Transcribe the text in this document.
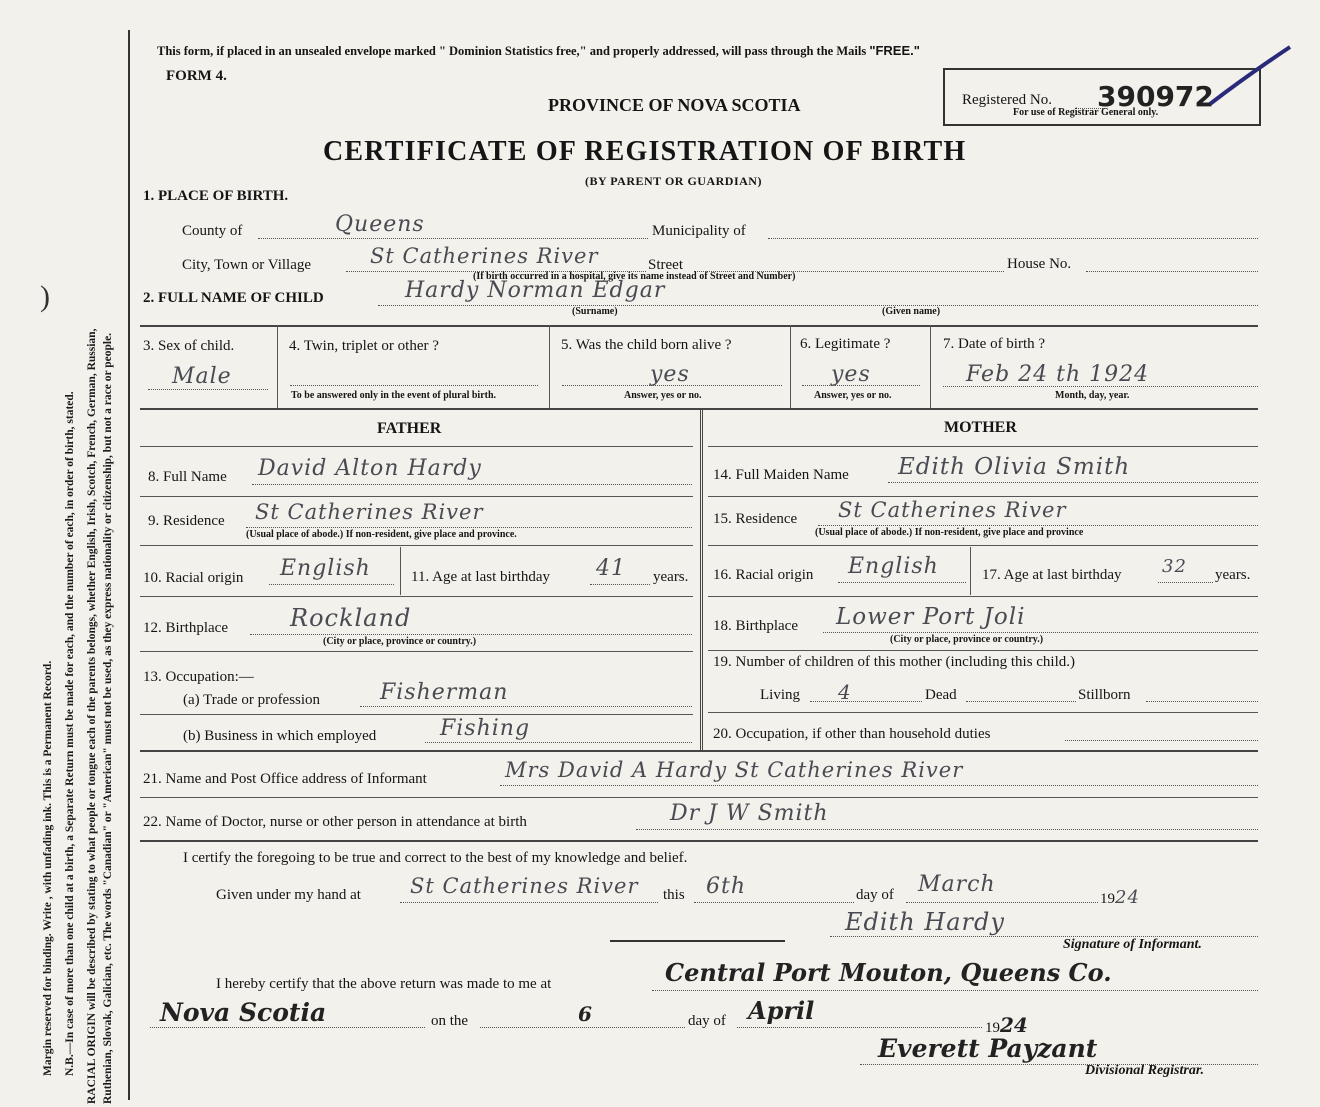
Ruthenian, Slovak, Galician, etc. The words "Canadian" or "American" must not be used, as they express nationality or citizenship, but not a race or people.
RACIAL ORIGIN will be described by stating to what people or tongue each of the parents belongs, whether English, Irish, Scotch, French, German, Russian,
N.B.—In case of more than one child at a birth, a Separate Return must be made for each, and the number of each, in order of birth, stated.
Margin reserved for binding. Write , with unfading ink. This is a Permanent Record.
)
This form, if placed in an unsealed envelope marked " Dominion Statistics free," and properly addressed, will pass through the Mails "FREE."
FORM 4.
PROVINCE OF NOVA SCOTIA	Registered No. 390972
For use of Registrar General only.
CERTIFICATE OF REGISTRATION OF BIRTH
(BY PARENT OR GUARDIAN)
1. PLACE OF BIRTH.
County of	Queens	Municipality of
City, Town or Village	St Catherines River	Street	House No.
(If birth occurred in a hospital, give its name instead of Street and Number)
2. FULL NAME OF CHILD	Hardy Norman Edgar
(Surname)	(Given name)
3. Sex of child.
Male
4. Twin, triplet or other ?
To be answered only in the event of plural birth.
5. Was the child born alive ?
yes
Answer, yes or no.
6. Legitimate ?
yes
Answer, yes or no.
7. Date of birth ?
Feb 24 th 1924
Month, day, year.
FATHER	MOTHER
8. Full Name David Alton Hardy
9. Residence St Catherines River
(Usual place of abode.) If non-resident, give place and province.
10. Racial origin English	11. Age at last birthday 41 years.
12. Birthplace	Rockland
(City or place, province or country.)
13. Occupation:—
(a) Trade or profession	Fisherman
(b) Business in which employed	Fishing
14. Full Maiden Name Edith Olivia Smith
15. Residence St Catherines River
(Usual place of abode.) If non-resident, give place and province
16. Racial origin English	17. Age at last birthday 32 years.
18. Birthplace Lower Port Joli
(City or place, province or country.)
19. Number of children of this mother (including this child.)
Living 4	Dead	Stillborn
20. Occupation, if other than household duties
21. Name and Post Office address of Informant	Mrs David A Hardy St Catherines River
22. Name of Doctor, nurse or other person in attendance at birth	Dr J W Smith
I certify the foregoing to be true and correct to the best of my knowledge and belief.
Given under my hand at St Catherines River this 6th	day of March
1924
Edith Hardy
Signature of Informant.
I hereby certify that the above return was made to me at	Central Port Mouton, Queens Co.
Nova Scotia	on the	6	day of April
1924
Everett Payzant
Divisional Registrar.
